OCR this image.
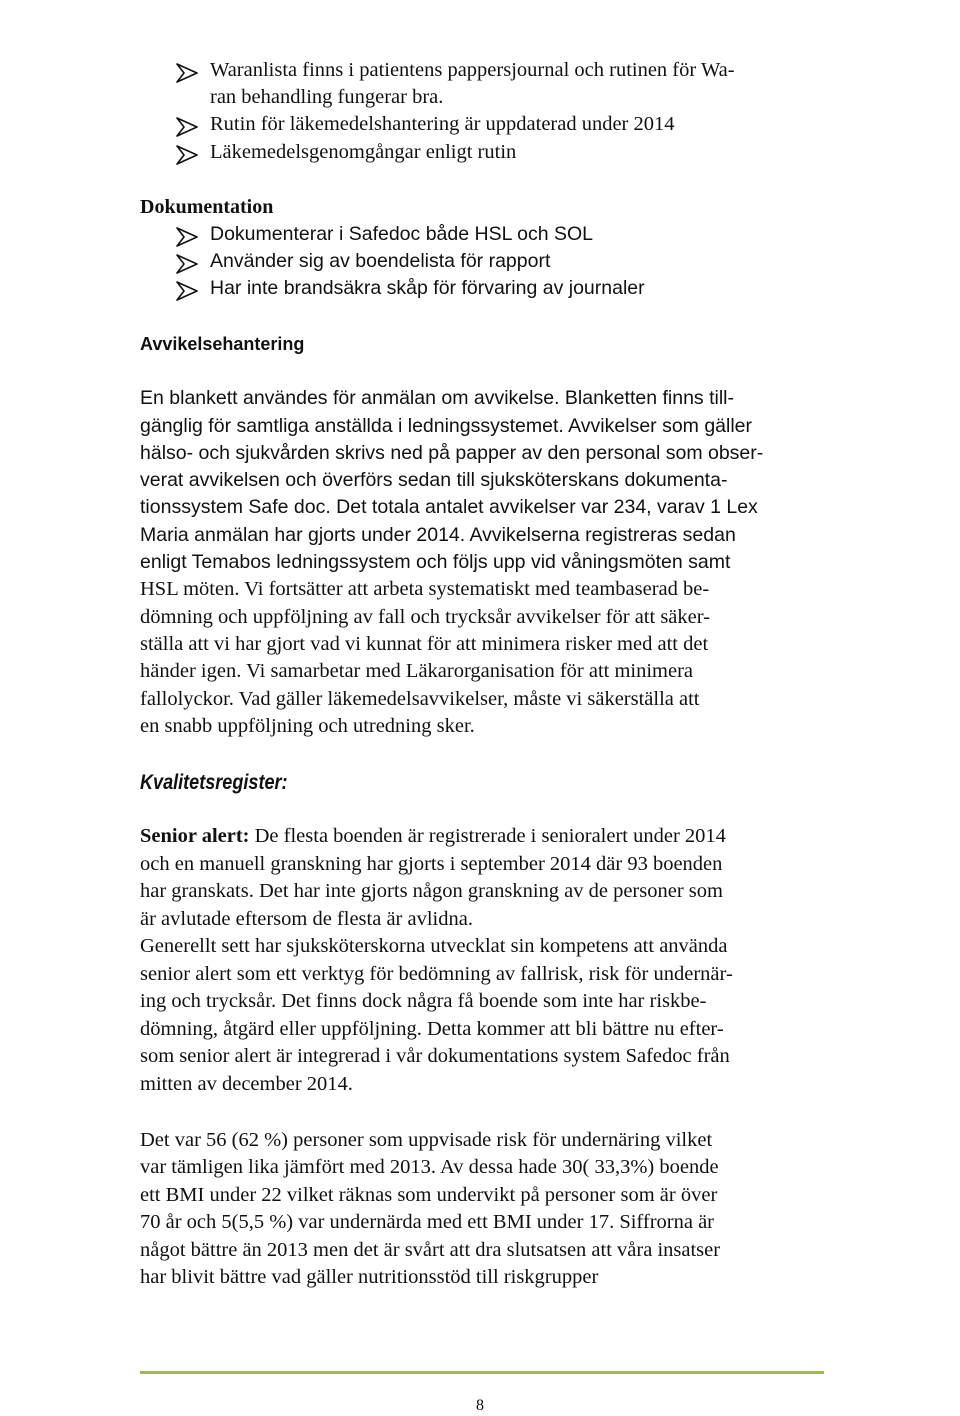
Waranlista finns i patientens pappersjournal och rutinen för Wa-
ran behandling fungerar bra.
Rutin för läkemedelshantering är uppdaterad under 2014
Läkemedelsgenomgångar enligt rutin
Dokumentation
Dokumenterar i Safedoc både HSL och SOL
Använder sig av boendelista för rapport
Har inte brandsäkra skåp för förvaring av journaler
Avvikelsehantering
En blankett användes för anmälan om avvikelse. Blanketten finns till-
gänglig för samtliga anställda i ledningssystemet. Avvikelser som gäller
hälso- och sjukvården skrivs ned på papper av den personal som obser-
verat avvikelsen och överförs sedan till sjuksköterskans dokumenta-
tionssystem Safe doc. Det totala antalet avvikelser var 234, varav 1 Lex
Maria anmälan har gjorts under 2014. Avvikelserna registreras sedan
enligt Temabos ledningssystem och följs upp vid våningsmöten samt
HSL möten. Vi fortsätter att arbeta systematiskt med teambaserad be-
dömning och uppföljning av fall och trycksår avvikelser för att säker-
ställa att vi har gjort vad vi kunnat för att minimera risker med att det
händer igen. Vi samarbetar med Läkarorganisation för att minimera
fallolyckor. Vad gäller läkemedelsavvikelser, måste vi säkerställa att
en snabb uppföljning och utredning sker.
Kvalitetsregister:
Senior alert: De flesta boenden är registrerade i senioralert under 2014
och en manuell granskning har gjorts i september 2014 där 93 boenden
har granskats. Det har inte gjorts någon granskning av de personer som
är avlutade eftersom de flesta är avlidna.
Generellt sett har sjuksköterskorna utvecklat sin kompetens att använda
senior alert som ett verktyg för bedömning av fallrisk, risk för undernär-
ing och trycksår. Det finns dock några få boende som inte har riskbe-
dömning, åtgärd eller uppföljning. Detta kommer att bli bättre nu efter-
som senior alert är integrerad i vår dokumentations system Safedoc från
mitten av december 2014.
Det var 56 (62 %) personer som uppvisade risk för undernäring vilket
var tämligen lika jämfört med 2013. Av dessa hade 30( 33,3%) boende
ett BMI under 22 vilket räknas som undervikt på personer som är över
70 år och 5(5,5 %) var undernärda med ett BMI under 17. Siffrorna är
något bättre än 2013 men det är svårt att dra slutsatsen att våra insatser
har blivit bättre vad gäller nutritionsstöd till riskgrupper
8
